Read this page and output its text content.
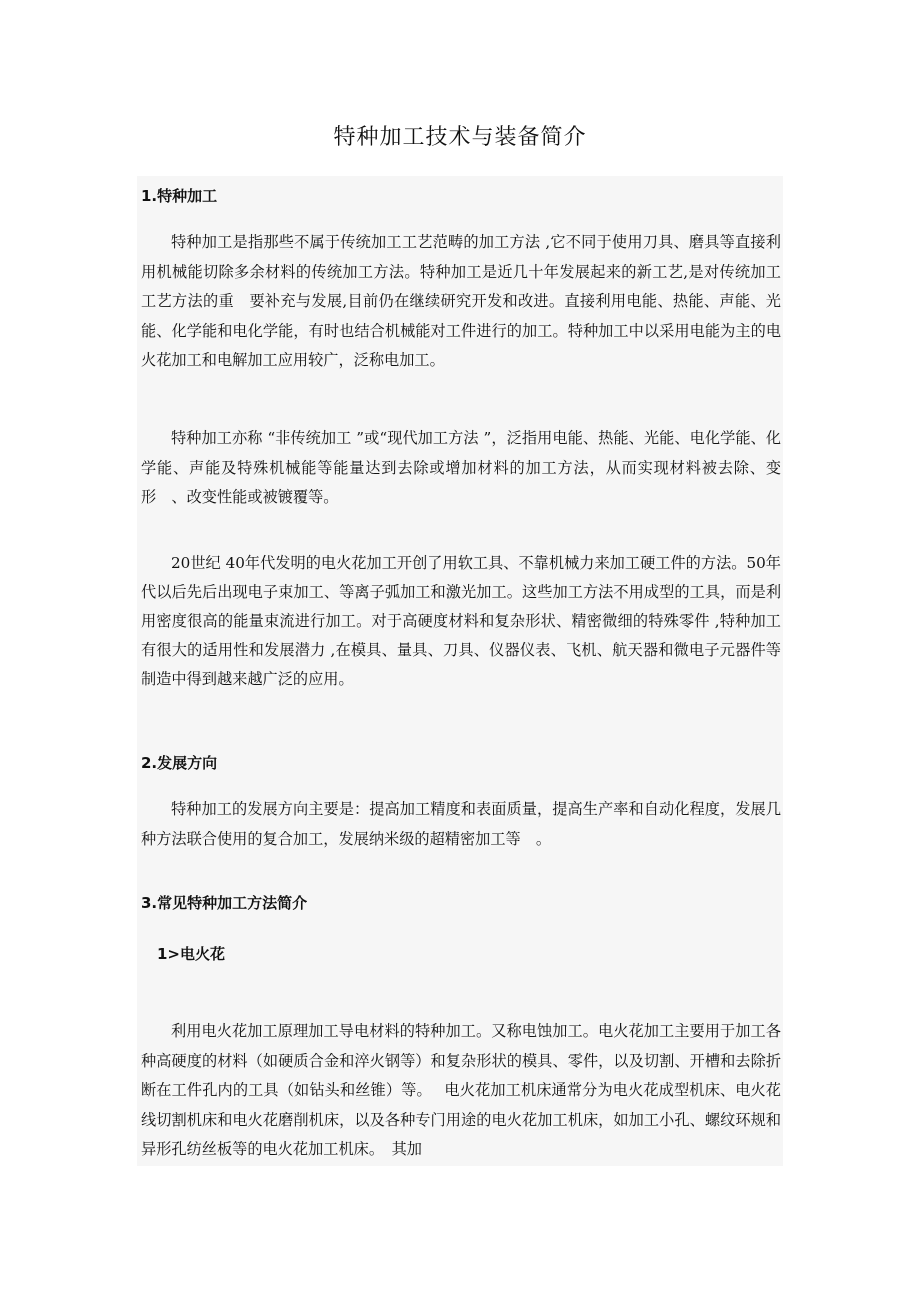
特种加工技术与装备简介
1.特种加工
特种加工是指那些不属于传统加工工艺范畴的加工方法 ,它不同于使用刀具、磨具等直接利用机械能切除多余材料的传统加工方法。特种加工是近几十年发展起来的新工艺,是对传统加工工艺方法的重　要补充与发展,目前仍在继续研究开发和改进。直接利用电能、热能、声能、光能、化学能和电化学能，有时也结合机械能对工件进行的加工。特种加工中以采用电能为主的电火花加工和电解加工应用较广，泛称电加工。
特种加工亦称 “非传统加工 ”或“现代加工方法 ”，泛指用电能、热能、光能、电化学能、化学能、声能及特殊机械能等能量达到去除或增加材料的加工方法，从而实现材料被去除、变形　、改变性能或被镀覆等。
20世纪 40年代发明的电火花加工开创了用软工具、不靠机械力来加工硬工件的方法。50年代以后先后出现电子束加工、等离子弧加工和激光加工。这些加工方法不用成型的工具，而是利用密度很高的能量束流进行加工。对于高硬度材料和复杂形状、精密微细的特殊零件 ,特种加工有很大的适用性和发展潜力 ,在模具、量具、刀具、仪器仪表、飞机、航天器和微电子元器件等制造中得到越来越广泛的应用。
2.发展方向
特种加工的发展方向主要是：提高加工精度和表面质量，提高生产率和自动化程度，发展几种方法联合使用的复合加工，发展纳米级的超精密加工等　。
3.常见特种加工方法简介
1>电火花
利用电火花加工原理加工导电材料的特种加工。又称电蚀加工。电火花加工主要用于加工各种高硬度的材料（如硬质合金和淬火钢等）和复杂形状的模具、零件，以及切割、开槽和去除折断在工件孔内的工具（如钻头和丝锥）等。　 电火花加工机床通常分为电火花成型机床、电火花线切割机床和电火花磨削机床，以及各种专门用途的电火花加工机床，如加工小孔、螺纹环规和异形孔纺丝板等的电火花加工机床。　其加
